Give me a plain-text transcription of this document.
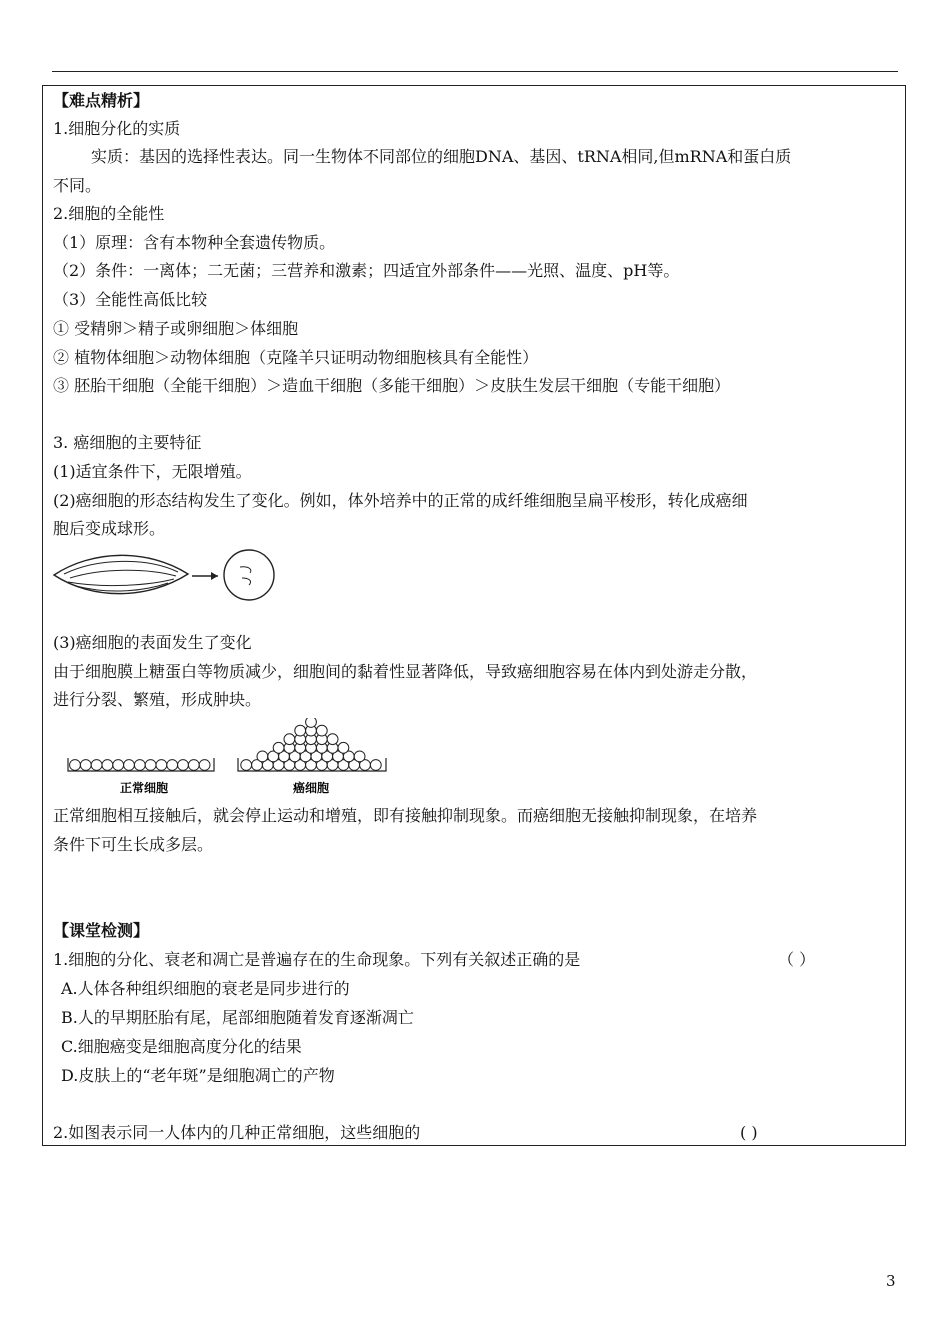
【难点精析】
1.细胞分化的实质
实质：基因的选择性表达。同一生物体不同部位的细胞DNA、基因、tRNA相同,但mRNA和蛋白质
不同。
2.细胞的全能性
（1）原理：含有本物种全套遗传物质。
（2）条件：一离体；二无菌；三营养和激素；四适宜外部条件——光照、温度、pH等。
（3）全能性高低比较
① 受精卵＞精子或卵细胞＞体细胞
② 植物体细胞＞动物体细胞（克隆羊只证明动物细胞核具有全能性）
③ 胚胎干细胞（全能干细胞）＞造血干细胞（多能干细胞）＞皮肤生发层干细胞（专能干细胞）
3. 癌细胞的主要特征
(1)适宜条件下，无限增殖。
(2)癌细胞的形态结构发生了变化。例如，体外培养中的正常的成纤维细胞呈扁平梭形，转化成癌细
胞后变成球形。
(3)癌细胞的表面发生了变化
由于细胞膜上糖蛋白等物质减少，细胞间的黏着性显著降低，导致癌细胞容易在体内到处游走分散，
进行分裂、繁殖，形成肿块。
正常细胞	癌细胞
正常细胞相互接触后，就会停止运动和增殖，即有接触抑制现象。而癌细胞无接触抑制现象，在培养
条件下可生长成多层。
【课堂检测】
1.细胞的分化、衰老和凋亡是普遍存在的生命现象。下列有关叙述正确的是	（ ）
A.人体各种组织细胞的衰老是同步进行的
B.人的早期胚胎有尾，尾部细胞随着发育逐渐凋亡
C.细胞癌变是细胞高度分化的结果
D.皮肤上的“老年斑”是细胞凋亡的产物
2.如图表示同一人体内的几种正常细胞，这些细胞的	( )
3
